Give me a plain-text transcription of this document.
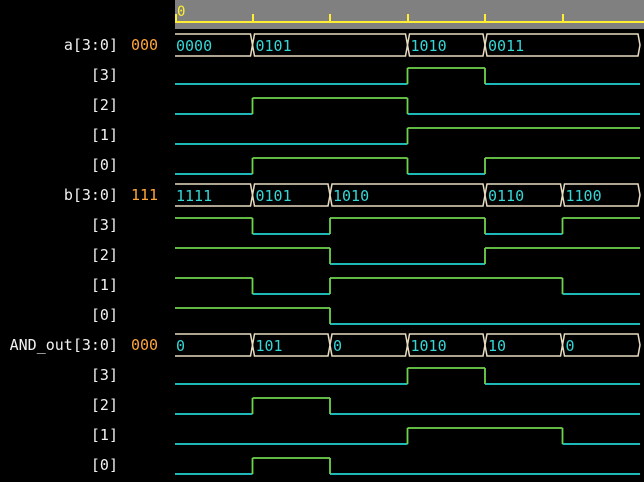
a[3:0] 000
[3]
[2]
[1]
[0]
b[3:0] 111
[3]
[2]
[1]
[0]
AND_out[3:0] 000
[3]
[2]
[1]
[0]
0
0000	0101	1010	0011
1111	0101	1010	0110	1100
0	101	0	1010	10	0
